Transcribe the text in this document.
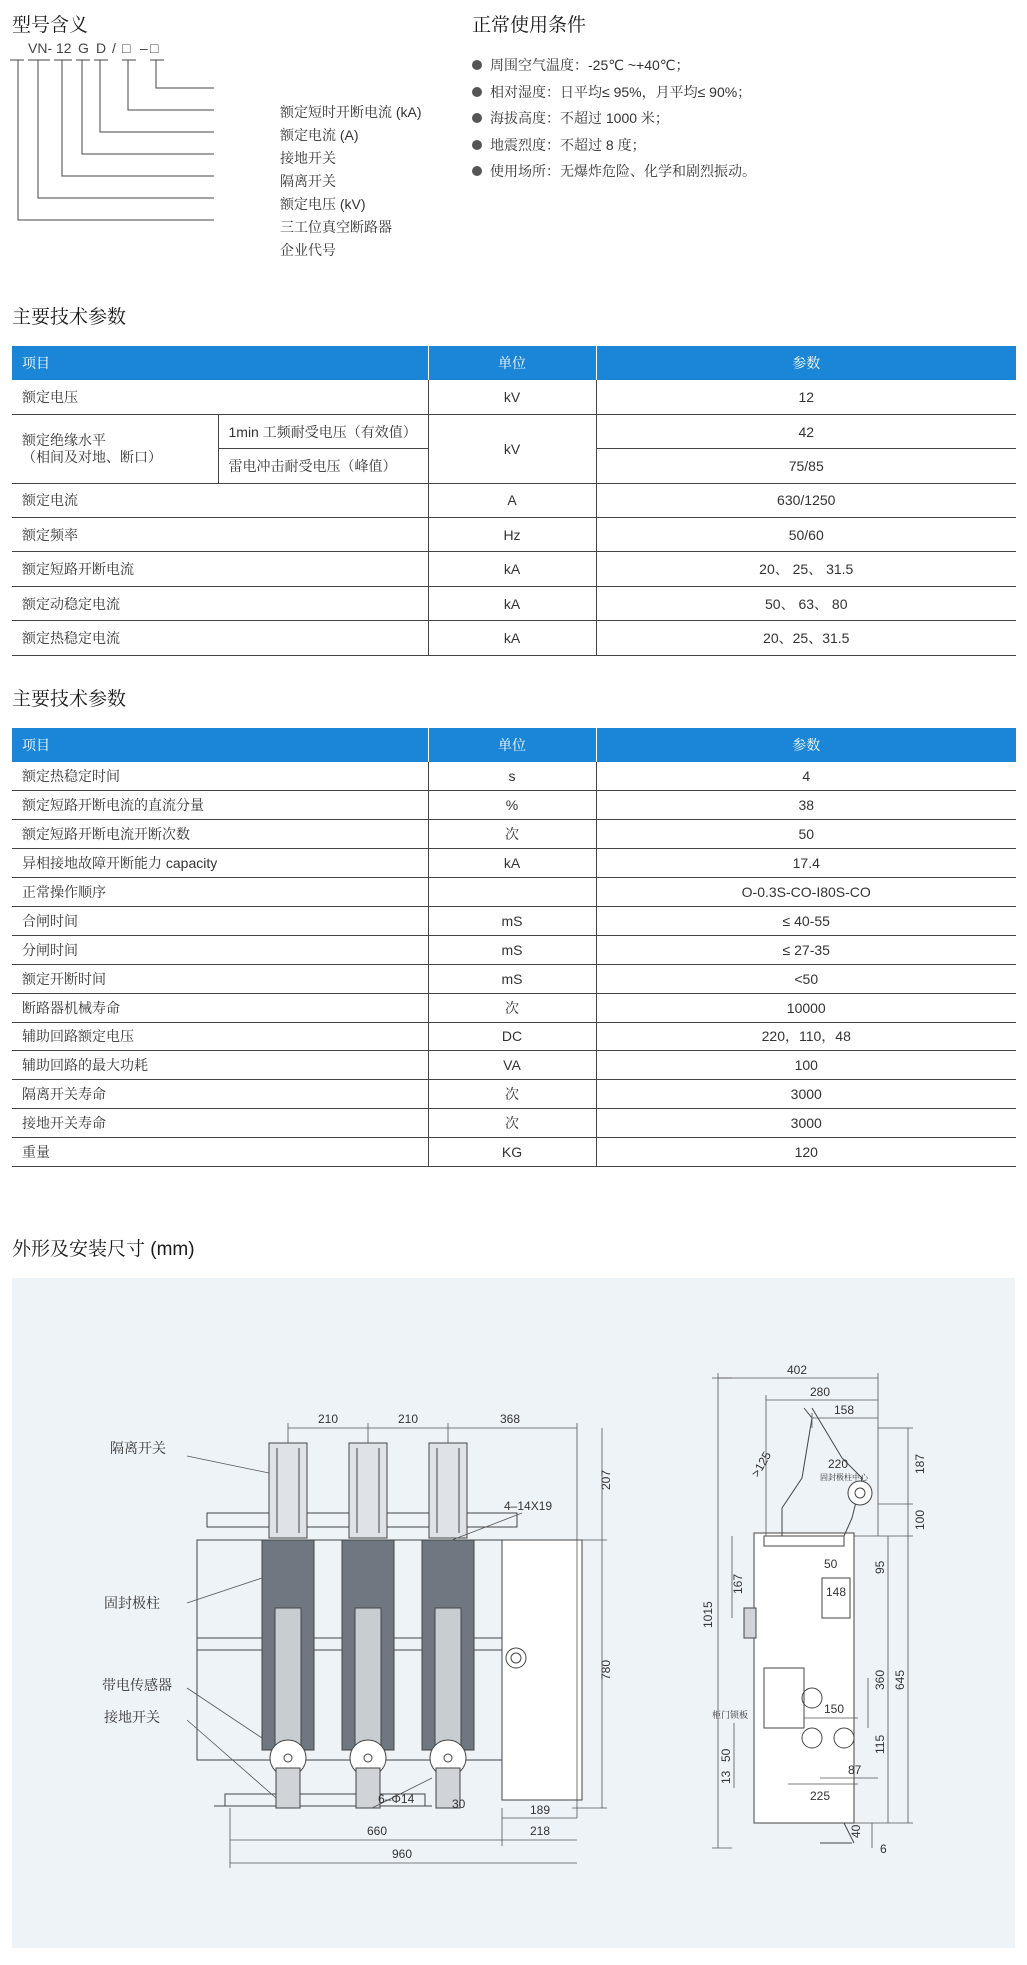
型号含义
VN- 12 G D / □ – □
额定短时开断电流 (kA)
额定电流 (A)
接地开关
隔离开关
额定电压 (kV)
三工位真空断路器
企业代号
正常使用条件
周围空气温度：-25℃ ~+40℃；
相对湿度：日平均≤ 95%，月平均≤ 90%；
海拔高度：不超过 1000 米；
地震烈度：不超过 8 度；
使用场所：无爆炸危险、化学和剧烈振动。
主要技术参数
项目		单位	参数
额定电压		kV	12

额定绝缘水平
（相间及对地、断口）	1min 工频耐受电压（有效值）	kV	42
	雷电冲击耐受电压（峰值）		75/85
额定电流		A	630/1250
额定频率		Hz	50/60
额定短路开断电流		kA	20、 25、 31.5
额定动稳定电流		kA	50、 63、 80
额定热稳定电流		kA	20、25、31.5
主要技术参数
项目	单位	参数
额定热稳定时间	s	4
额定短路开断电流的直流分量	%	38
额定短路开断电流开断次数	次	50
异相接地故障开断能力 capacity	kA	17.4
正常操作顺序		O-0.3S-CO-I80S-CO
合闸时间	mS	≤ 40-55
分闸时间	mS	≤ 27-35
额定开断时间	mS	<50
断路器机械寿命	次	10000
辅助回路额定电压	DC	220，110，48
辅助回路的最大功耗	VA	100
隔离开关寿命	次	3000
接地开关寿命	次	3000
重量	KG	120
外形及安装尺寸 (mm)
隔离开关
固封极柱
带电传感器
接地开关
210	210	368
207
780
4–14X19
6–Φ14	30	189
660	218
960
402
280
158
>125	220
固封极柱中心
187
100
167
1015
50
148
95
360 645
150
115
柜门锁板
50
13
87
225
40
6
